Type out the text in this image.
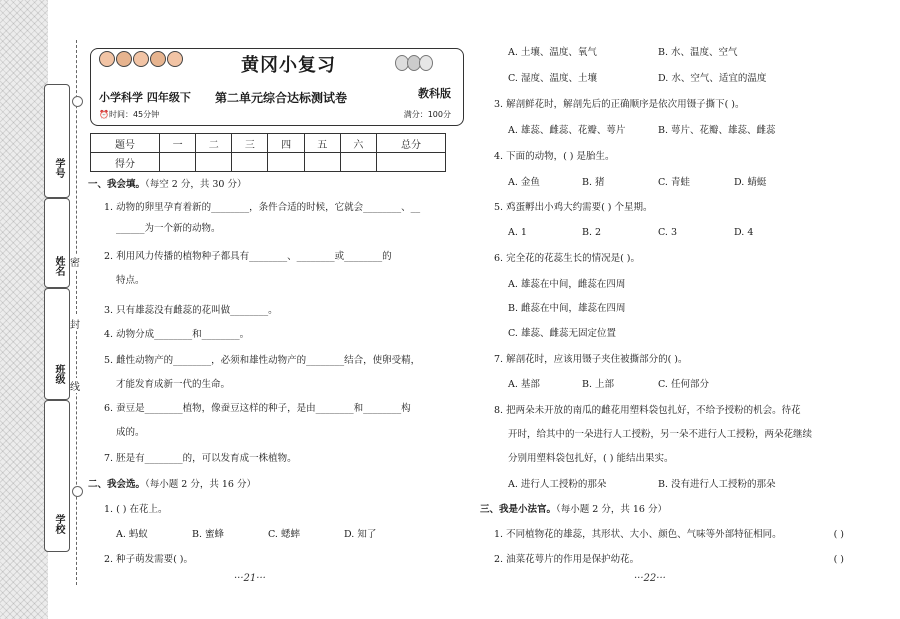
学号
姓名
班级
学校
密
封
线
黄冈小复习
小学科学 四年级下 第二单元综合达标测试卷	教科版
⏰时间：45分钟	满分：100分
题号	一	二	三	四	五	六	总分
得分							
一、我会填。（每空 2 分，共 30 分）
1. 动物的卵里孕育着新的________，条件合适的时候，它就会________、__
______为一个新的动物。
2. 利用风力传播的植物种子都具有________、________或________的
特点。
3. 只有雄蕊没有雌蕊的花叫做________。
4. 动物分成________和________。
5. 雌性动物产的________，必须和雄性动物产的________结合，使卵受精，
才能发育成新一代的生命。
6. 蚕豆是________植物，像蚕豆这样的种子，是由________和________构
成的。
7. 胚是有________的，可以发育成一株植物。
二、我会选。（每小题 2 分，共 16 分）
1. ( ) 在花上。
A. 蚂蚁	B. 蜜蜂	C. 蟋蟀	D. 知了
2. 种子萌发需要( )。
···21···
A. 土壤、温度、氧气	B. 水、温度、空气
C. 湿度、温度、土壤	D. 水、空气、适宜的温度
3. 解剖鲜花时，解剖先后的正确顺序是依次用镊子撕下( )。
A. 雄蕊、雌蕊、花瓣、萼片	B. 萼片、花瓣、雄蕊、雌蕊
4. 下面的动物，( ) 是胎生。
A. 金鱼	B. 猪	C. 青蛙	D. 蜻蜓
5. 鸡蛋孵出小鸡大约需要( ) 个星期。
A. 1	B. 2	C. 3	D. 4
6. 完全花的花蕊生长的情况是( )。
A. 雄蕊在中间，雌蕊在四周
B. 雌蕊在中间，雄蕊在四周
C. 雄蕊、雌蕊无固定位置
7. 解剖花时，应该用镊子夹住被撕部分的( )。
A. 基部	B. 上部	C. 任何部分
8. 把两朵未开放的南瓜的雌花用塑料袋包扎好，不给予授粉的机会。待花
开时，给其中的一朵进行人工授粉，另一朵不进行人工授粉，两朵花继续
分别用塑料袋包扎好，( ) 能结出果实。
A. 进行人工授粉的那朵	B. 没有进行人工授粉的那朵
三、我是小法官。（每小题 2 分，共 16 分）
1. 不同植物花的雄蕊，其形状、大小、颜色、气味等外部特征相同。	( )
2. 油菜花萼片的作用是保护幼花。	( )
···22···
